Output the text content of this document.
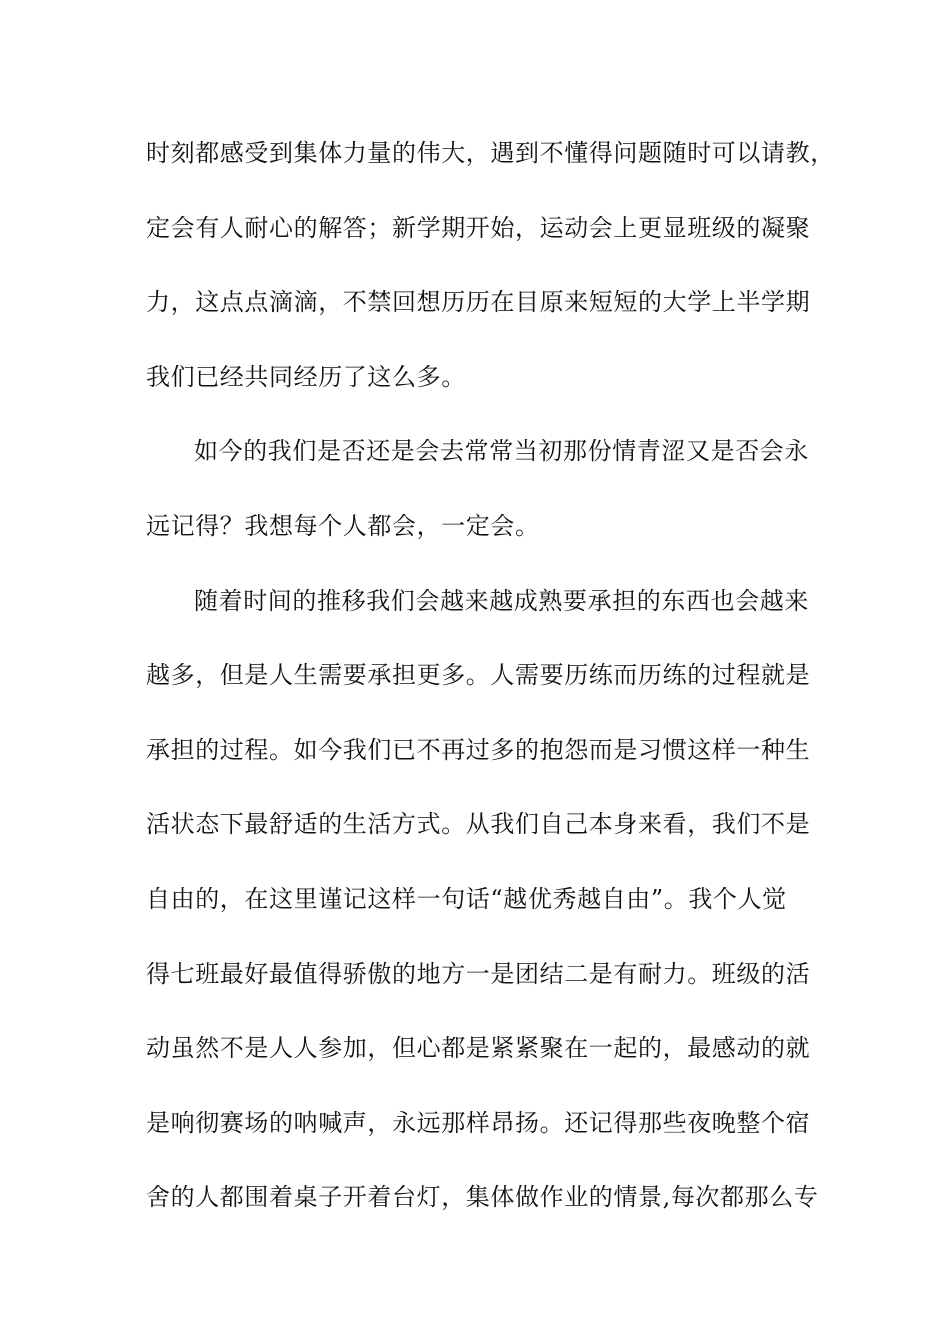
时刻都感受到集体力量的伟大，遇到不懂得问题随时可以请教，
定会有人耐心的解答；新学期开始，运动会上更显班级的凝聚
力，这点点滴滴，不禁回想历历在目原来短短的大学上半学期
我们已经共同经历了这么多。
如今的我们是否还是会去常常当初那份情青涩又是否会永
远记得？我想每个人都会，一定会。
随着时间的推移我们会越来越成熟要承担的东西也会越来
越多，但是人生需要承担更多。人需要历练而历练的过程就是
承担的过程。如今我们已不再过多的抱怨而是习惯这样一种生
活状态下最舒适的生活方式。从我们自己本身来看，我们不是
自由的，在这里谨记这样一句话“越优秀越自由”。我个人觉
得七班最好最值得骄傲的地方一是团结二是有耐力。班级的活
动虽然不是人人参加，但心都是紧紧聚在一起的，最感动的就
是响彻赛场的呐喊声，永远那样昂扬。还记得那些夜晚整个宿
舍的人都围着桌子开着台灯，集体做作业的情景,每次都那么专
